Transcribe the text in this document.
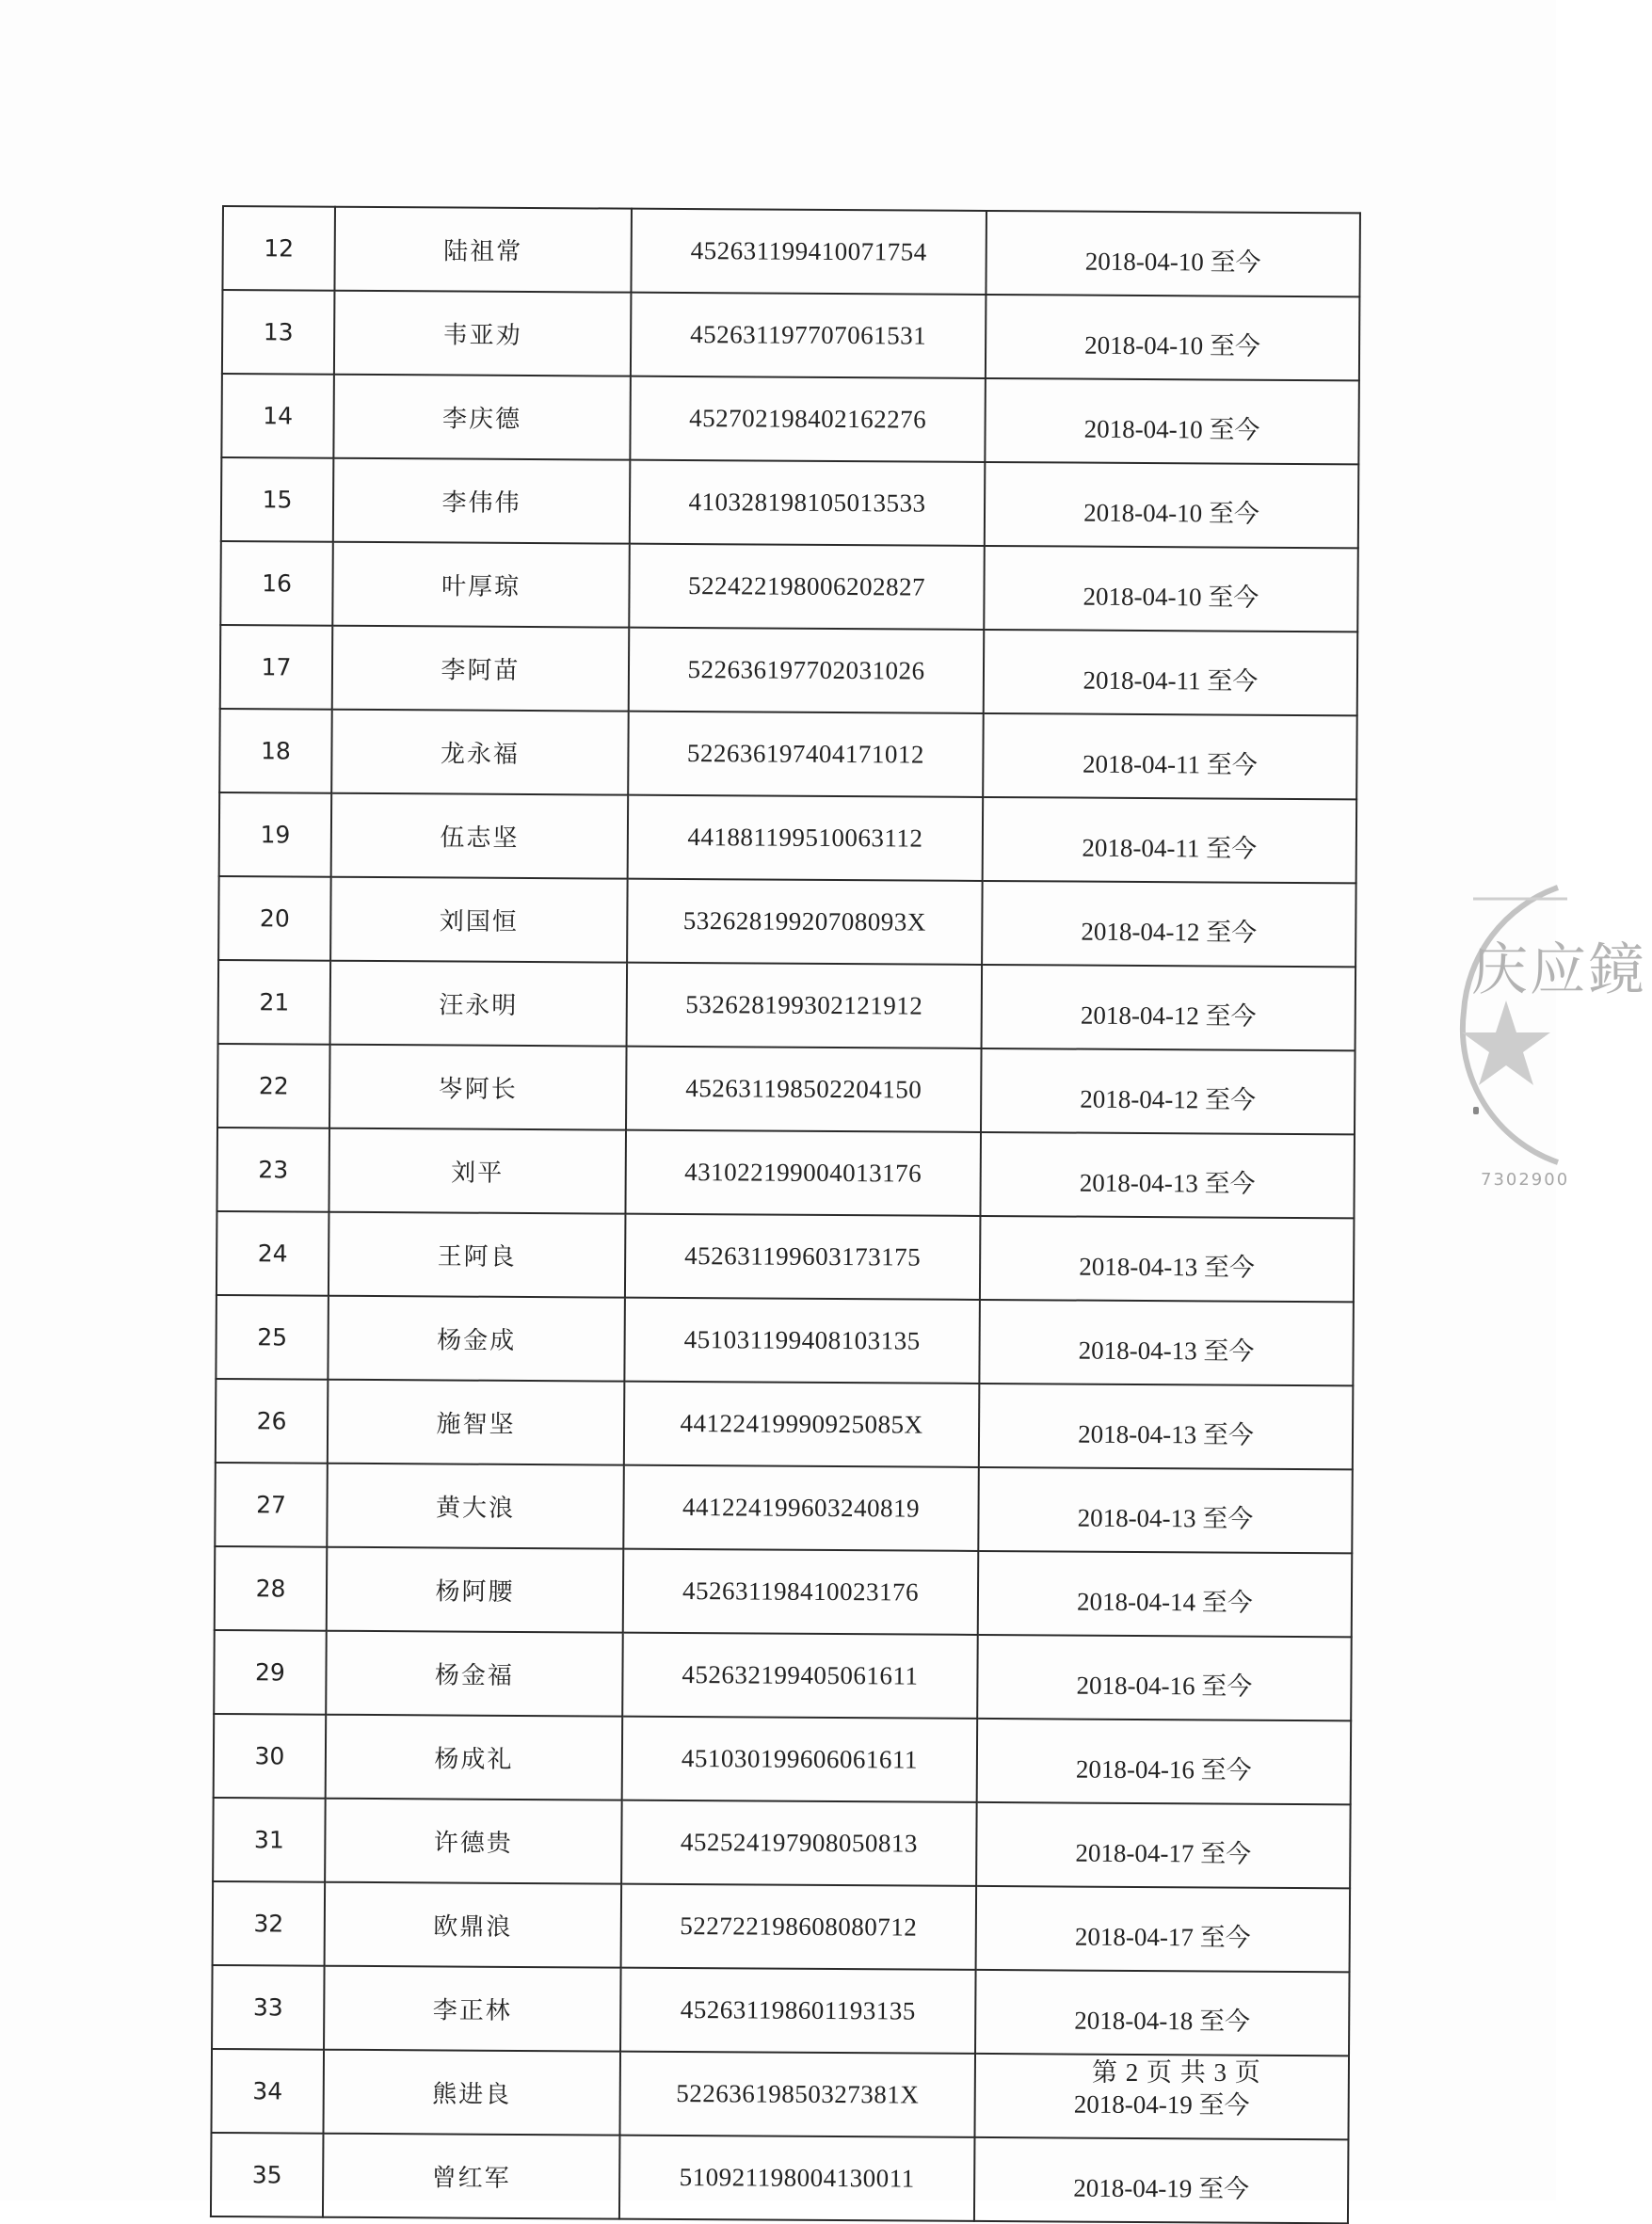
12	陆祖常	452631199410071754	2018-04-10 至今
13	韦亚劝	452631197707061531	2018-04-10 至今
14	李庆德	452702198402162276	2018-04-10 至今
15	李伟伟	410328198105013533	2018-04-10 至今
16	叶厚琼	522422198006202827	2018-04-10 至今
17	李阿苗	522636197702031026	2018-04-11 至今
18	龙永福	522636197404171012	2018-04-11 至今
19	伍志坚	441881199510063112	2018-04-11 至今
20	刘国恒	53262819920708093X	2018-04-12 至今
21	汪永明	532628199302121912	2018-04-12 至今
22	岑阿长	452631198502204150	2018-04-12 至今
23	刘平	431022199004013176	2018-04-13 至今
24	王阿良	452631199603173175	2018-04-13 至今
25	杨金成	451031199408103135	2018-04-13 至今
26	施智坚	44122419990925085X	2018-04-13 至今
27	黄大浪	441224199603240819	2018-04-13 至今
28	杨阿腰	452631198410023176	2018-04-14 至今
29	杨金福	452632199405061611	2018-04-16 至今
30	杨成礼	451030199606061611	2018-04-16 至今
31	许德贵	452524197908050813	2018-04-17 至今
32	欧鼎浪	522722198608080712	2018-04-17 至今
33	李正林	452631198601193135	2018-04-18 至今
34	熊进良	52263619850327381X	2018-04-19 至今
35	曾红军	510921198004130011	2018-04-19 至今
第 2 页 共 3 页
庆应鏡
7302900
